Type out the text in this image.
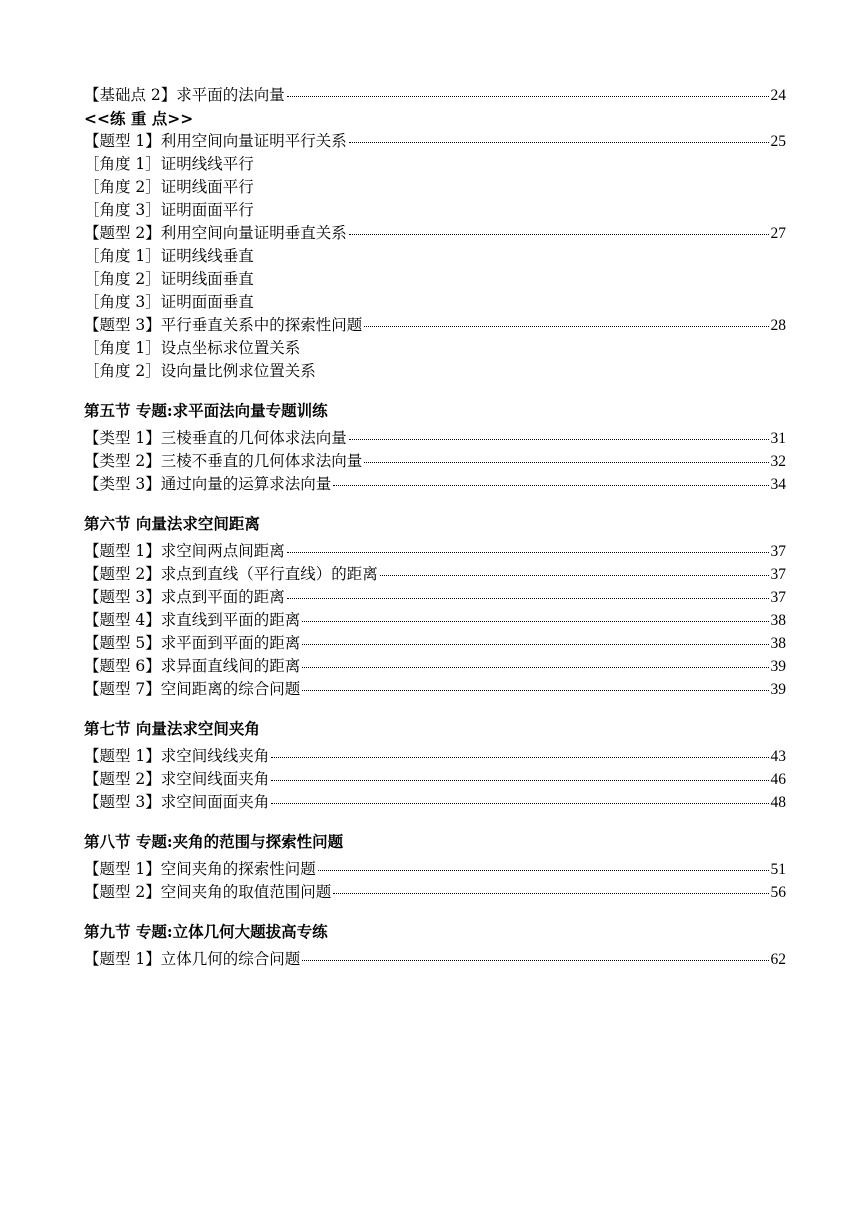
【基础点 2】求平面的法向量	24
<<练 重 点>>
【题型 1】利用空间向量证明平行关系	25
［角度 1］证明线线平行
［角度 2］证明线面平行
［角度 3］证明面面平行
【题型 2】利用空间向量证明垂直关系	27
［角度 1］证明线线垂直
［角度 2］证明线面垂直
［角度 3］证明面面垂直
【题型 3】平行垂直关系中的探索性问题	28
［角度 1］设点坐标求位置关系
［角度 2］设向量比例求位置关系
第五节 专题:求平面法向量专题训练
【类型 1】三棱垂直的几何体求法向量	31
【类型 2】三棱不垂直的几何体求法向量	32
【类型 3】通过向量的运算求法向量	34
第六节 向量法求空间距离
【题型 1】求空间两点间距离	37
【题型 2】求点到直线（平行直线）的距离	37
【题型 3】求点到平面的距离	37
【题型 4】求直线到平面的距离	38
【题型 5】求平面到平面的距离	38
【题型 6】求异面直线间的距离	39
【题型 7】空间距离的综合问题	39
第七节 向量法求空间夹角
【题型 1】求空间线线夹角	43
【题型 2】求空间线面夹角	46
【题型 3】求空间面面夹角	48
第八节 专题:夹角的范围与探索性问题
【题型 1】空间夹角的探索性问题	51
【题型 2】空间夹角的取值范围问题	56
第九节 专题:立体几何大题拔高专练
【题型 1】立体几何的综合问题	62
